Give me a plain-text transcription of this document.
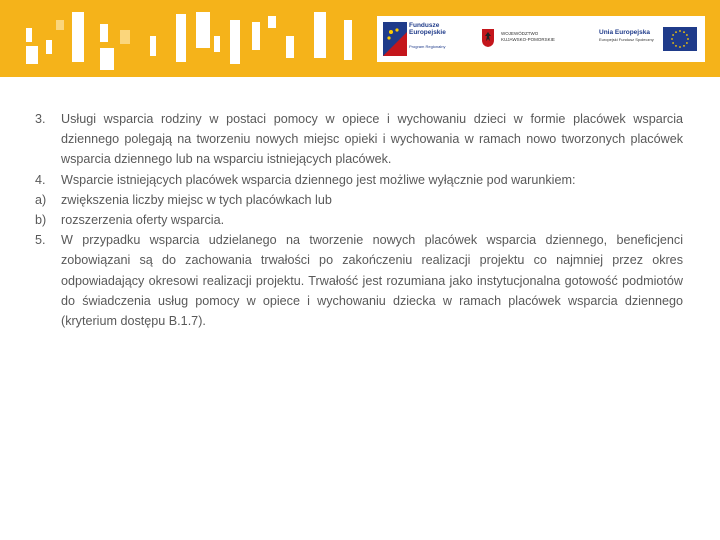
Fundusze
Europejskie
Program Regionalny
WOJEWÓDZTWO
KUJAWSKO-POMORSKIE
Unia Europejska
Europejski Fundusz Społeczny
3. Usługi wsparcia rodziny w postaci pomocy w opiece i wychowaniu dzieci w formie placówek wsparcia dziennego polegają na tworzeniu nowych miejsc opieki i wychowania w ramach nowo tworzonych placówek wsparcia dziennego lub na wsparciu istniejących placówek.
4. Wsparcie istniejących placówek wsparcia dziennego jest możliwe wyłącznie pod warunkiem:
a) zwiększenia liczby miejsc w tych placówkach lub
b) rozszerzenia oferty wsparcia.
5. W przypadku wsparcia udzielanego na tworzenie nowych placówek wsparcia dziennego, beneficjenci zobowiązani są do zachowania trwałości po zakończeniu realizacji projektu co najmniej przez okres odpowiadający okresowi realizacji projektu. Trwałość jest rozumiana jako instytucjonalna gotowość podmiotów do świadczenia usług pomocy w opiece i wychowaniu dziecka w ramach placówek wsparcia dziennego (kryterium dostępu B.1.7).
